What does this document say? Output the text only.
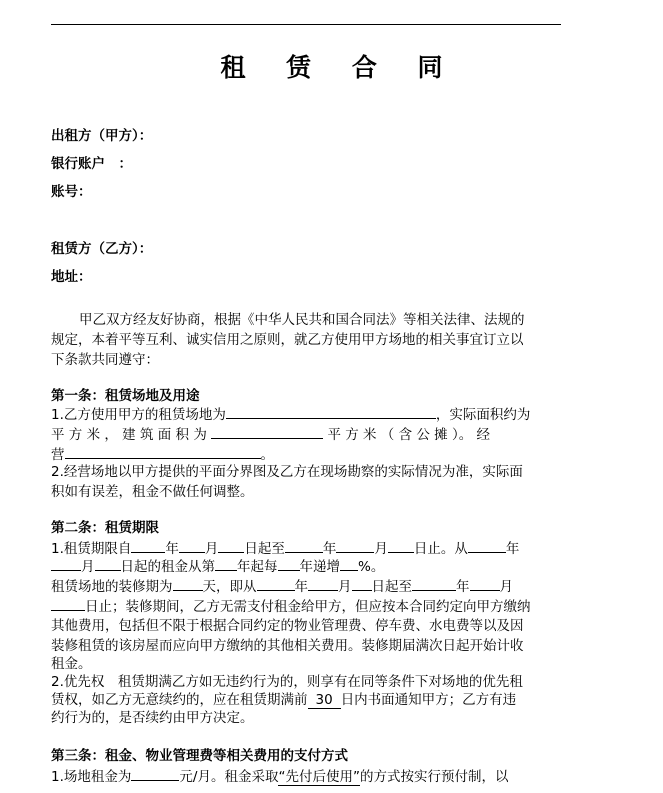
租 赁 合 同
出租方（甲方）：
银行账户　：
账号：
租赁方（乙方）：
地址：
甲乙双方经友好协商，根据《中华人民共和国合同法》等相关法律、法规的
规定，本着平等互利、诚实信用之原则，就乙方使用甲方场地的相关事宜订立以
下条款共同遵守：
第一条：租赁场地及用途
1.乙方使用甲方的租赁场地为	，实际面积约为
平 方 米 ， 建 筑 面 积 为	平 方 米 （ 含 公 摊 ）。 经
营	。
2.经营场地以甲方提供的平面分界图及乙方在现场勘察的实际情况为准，实际面
积如有误差，租金不做任何调整。
第二条：租赁期限
1.租赁期限自	年 月 日起至	年	月 日止。从	年
月 日起的租金从第 年起每 年递增 %。
租赁场地的装修期为 天，即从	年 月 日起至	年 月
日止；装修期间，乙方无需支付租金给甲方，但应按本合同约定向甲方缴纳
其他费用，包括但不限于根据合同约定的物业管理费、停车费、水电费等以及因
装修租赁的该房屋而应向甲方缴纳的其他相关费用。装修期届满次日起开始计收
租金。
2.优先权　租赁期满乙方如无违约行为的，则享有在同等条件下对场地的优先租
赁权，如乙方无意续约的，应在租赁期满前 30 日内书面通知甲方；乙方有违
约行为的，是否续约由甲方决定。
第三条：租金、物业管理费等相关费用的支付方式
1.场地租金为	元/月。租金采取“先付后使用”的方式按实行预付制，以
